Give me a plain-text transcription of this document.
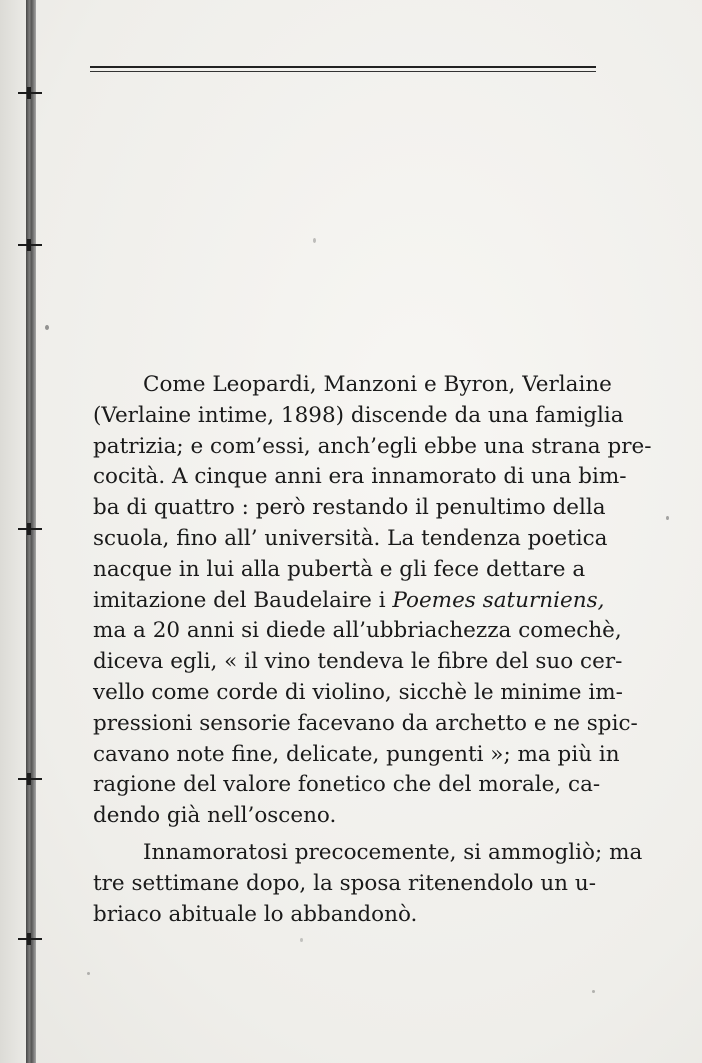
Come Leopardi, Manzoni e Byron, Verlaine
(Verlaine intime, 1898) discende da una famiglia
patrizia; e com’essi, anch’egli ebbe una strana pre-
cocità. A cinque anni era innamorato di una bim-
ba di quattro : però restando il penultimo della
scuola, fino all’ università. La tendenza poetica
nacque in lui alla pubertà e gli fece dettare a
imitazione del Baudelaire i Poemes saturniens,
ma a 20 anni si diede all’ubbriachezza comechè,
diceva egli, « il vino tendeva le fibre del suo cer-
vello come corde di violino, sicchè le minime im-
pressioni sensorie facevano da archetto e ne spic-
cavano note fine, delicate, pungenti »; ma più in
ragione del valore fonetico che del morale, ca-
dendo già nell’osceno.

Innamoratosi precocemente, si ammogliò; ma
tre settimane dopo, la sposa ritenendolo un u-
briaco abituale lo abbandonò.
